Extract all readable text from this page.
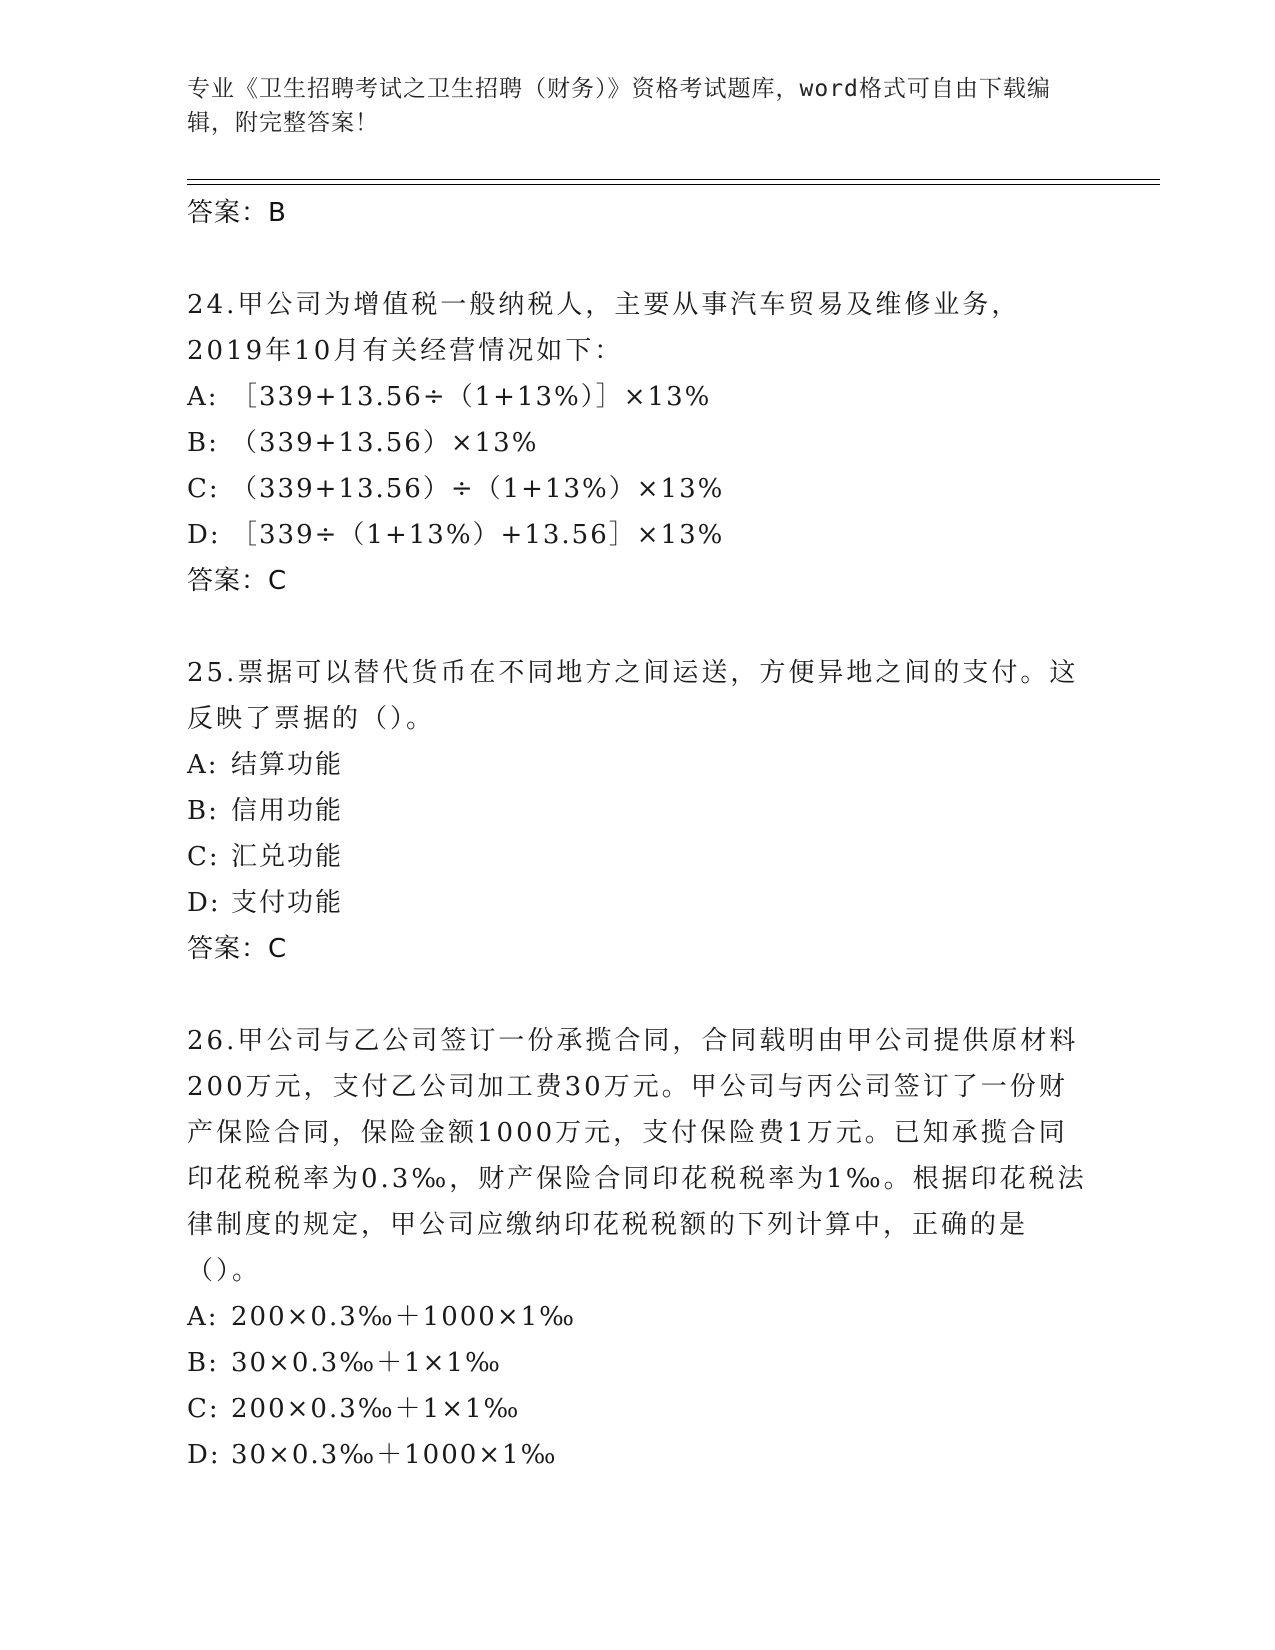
专业《卫生招聘考试之卫生招聘（财务）》资格考试题库，word格式可自由下载编辑，附完整答案！
答案：B
24.甲公司为增值税一般纳税人，主要从事汽车贸易及维修业务，2019年10月有关经营情况如下：
A: ［339+13.56÷（1+13%）］×13%
B: （339+13.56）×13%
C: （339+13.56）÷（1+13%）×13%
D: ［339÷（1+13%）+13.56］×13%
答案：C
25.票据可以替代货币在不同地方之间运送，方便异地之间的支付。这反映了票据的（）。
A: 结算功能
B: 信用功能
C: 汇兑功能
D: 支付功能
答案：C
26.甲公司与乙公司签订一份承揽合同，合同载明由甲公司提供原材料200万元，支付乙公司加工费30万元。甲公司与丙公司签订了一份财产保险合同，保险金额1000万元，支付保险费1万元。已知承揽合同印花税税率为0.3‰，财产保险合同印花税税率为1‰。根据印花税法律制度的规定，甲公司应缴纳印花税税额的下列计算中，正确的是（）。
A: 200×0.3‰＋1000×1‰
B: 30×0.3‰＋1×1‰
C: 200×0.3‰＋1×1‰
D: 30×0.3‰＋1000×1‰
